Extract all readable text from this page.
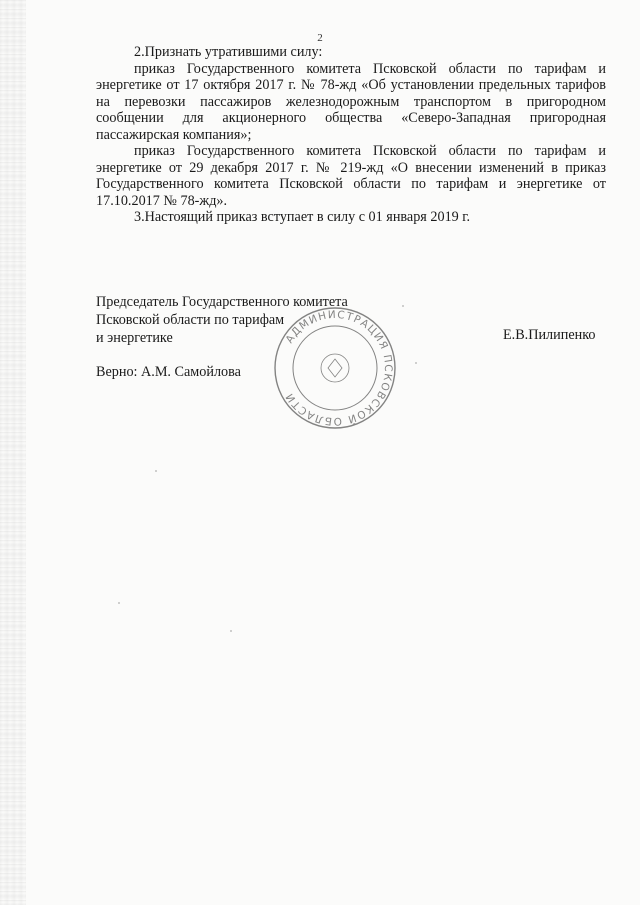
2

2.Признать утратившими силу:

приказ Государственного комитета Псковской области по тарифам и энергетике от 17 октября 2017 г. № 78-жд «Об установлении предельных тарифов на перевозки пассажиров железнодорожным транспортом в пригородном сообщении для акционерного общества «Северо-Западная пригородная пассажирская компания»;

приказ Государственного комитета Псковской области по тарифам и энергетике от 29 декабря 2017 г. № 219-жд «О внесении изменений в приказ Государственного комитета Псковской области по тарифам и энергетике от 17.10.2017 № 78-жд».

3.Настоящий приказ вступает в силу с 01 января 2019 г.

Председатель Государственного комитета
Псковской области по тарифам
и энергетике	Е.В.Пилипенко
Верно: А.М. Самойлова
АДМИНИСТРАЦИЯ ПСКОВСКОЙ ОБЛАСТИ
